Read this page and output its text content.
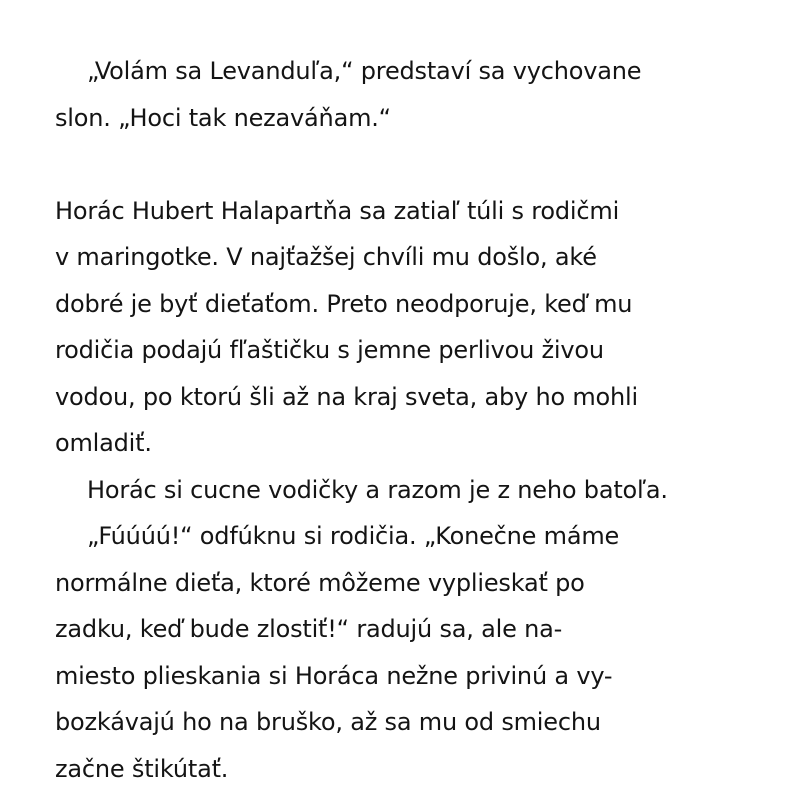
„Volám sa Levanduľa,“ predstaví sa vychovane
slon. „Hoci tak nezaváňam.“
Horác Hubert Halapartňa sa zatiaľ túli s rodičmi
v maringotke. V najťažšej chvíli mu došlo, aké
dobré je byť dieťaťom. Preto neodporuje, keď mu
rodičia podajú fľaštičku s jemne perlivou živou
vodou, po ktorú šli až na kraj sveta, aby ho mohli
omladiť.
Horác si cucne vodičky a razom je z neho batoľa.
„Fúúúú!“ odfúknu si rodičia. „Konečne máme
normálne dieťa, ktoré môžeme vyplieskať po
zadku, keď bude zlostiť!“ radujú sa, ale na-
miesto plieskania si Horáca nežne privinú a vy-
bozkávajú ho na bruško, až sa mu od smiechu
začne štikútať.
